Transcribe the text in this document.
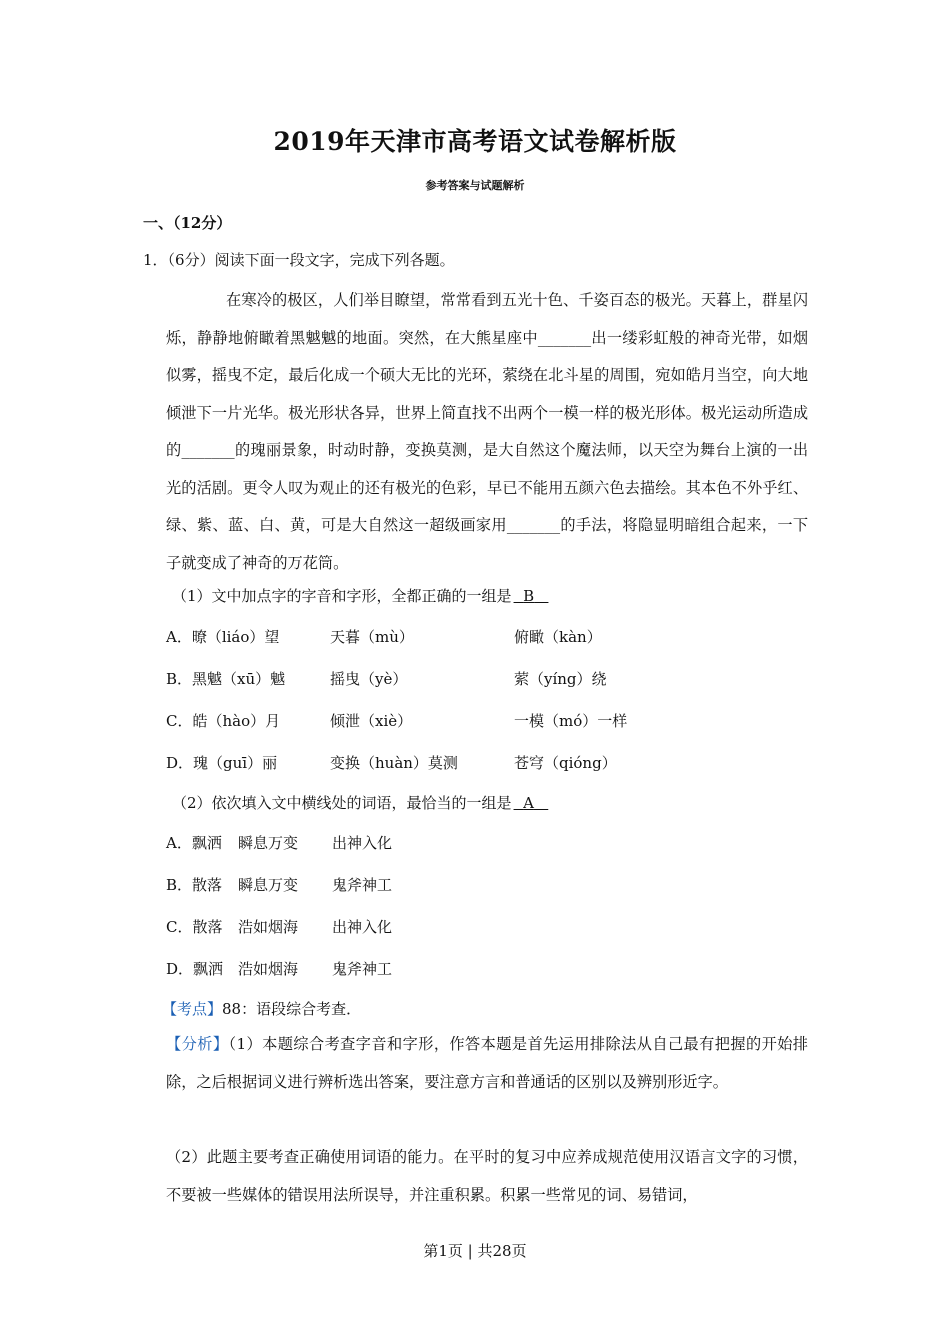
2019年天津市高考语文试卷解析版
参考答案与试题解析
一、（12分）
1．（6分）阅读下面一段文字，完成下列各题。
在寒冷的极区，人们举目瞭望，常常看到五光十色、千姿百态的极光。天暮上，群星闪烁，静静地俯瞰着黑魆魆的地面。突然，在大熊星座中_______出一缕彩虹般的神奇光带，如烟似雾，摇曳不定，最后化成一个硕大无比的光环，萦绕在北斗星的周围，宛如皓月当空，向大地倾泄下一片光华。极光形状各异，世界上简直找不出两个一模一样的极光形体。极光运动所造成的_______的瑰丽景象，时动时静，变换莫测，是大自然这个魔法师，以天空为舞台上演的一出光的活剧。更令人叹为观止的还有极光的色彩，早已不能用五颜六色去描绘。其本色不外乎红、绿、紫、蓝、白、黄，可是大自然这一超级画家用_______的手法，将隐显明暗组合起来，一下子就变成了神奇的万花筒。
（1）文中加点字的字音和字形，全都正确的一组是 B
A．暸（liáo）望	天暮（mù）	俯瞰（kàn）
B．黑魆（xū）魆	摇曳（yè）	萦（yíng）绕
C．皓（hào）月	倾泄（xiè）	一模（mó）一样
D．瑰（guī）丽	变换（huàn）莫测	苍穹（qióng）
（2）依次填入文中横线处的词语，最恰当的一组是 A
A．飘洒 瞬息万变 出神入化
B．散落 瞬息万变 鬼斧神工
C．散落 浩如烟海 出神入化
D．飘洒 浩如烟海 鬼斧神工
【考点】88：语段综合考查．
【分析】（1）本题综合考查字音和字形，作答本题是首先运用排除法从自己最有把握的开始排除，之后根据词义进行辨析选出答案，要注意方言和普通话的区别以及辨别形近字。
（2）此题主要考查正确使用词语的能力。在平时的复习中应养成规范使用汉语言文字的习惯，不要被一些媒体的错误用法所误导，并注重积累。积累一些常见的词、易错词，
第1页 | 共28页
